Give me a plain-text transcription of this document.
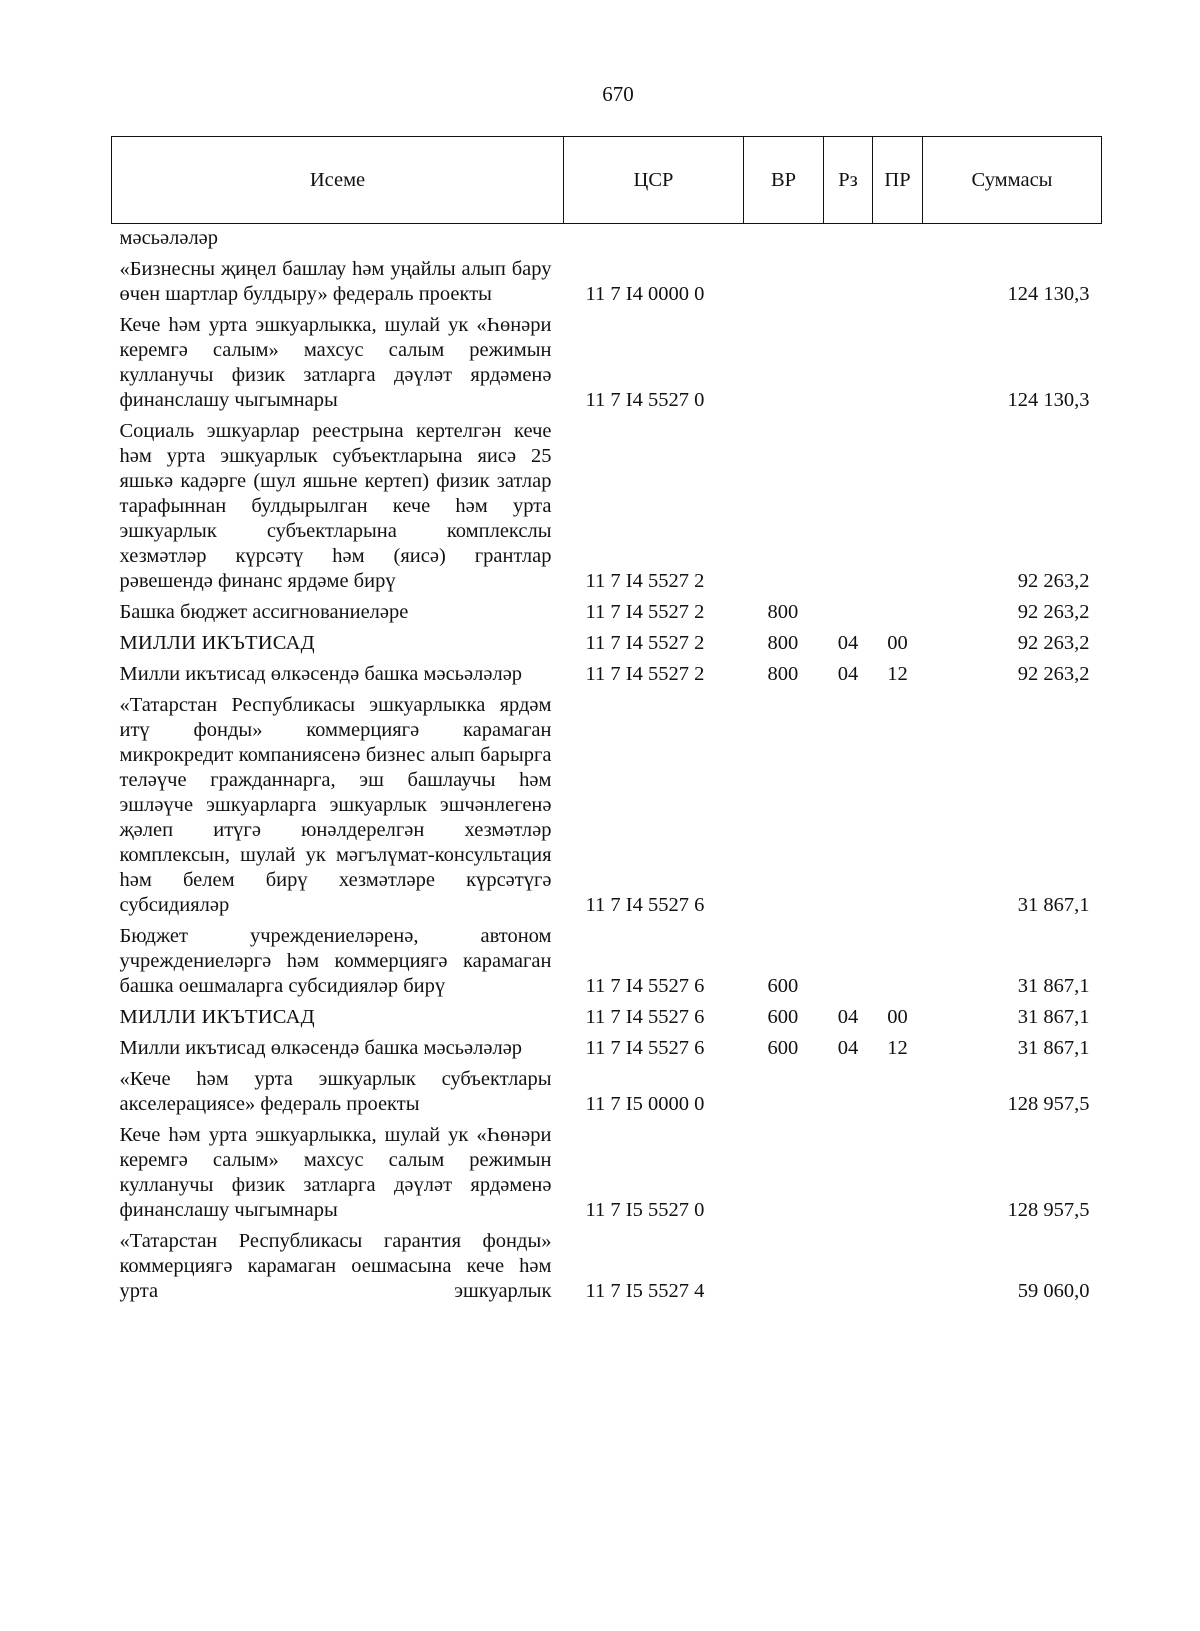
670
Исеме	ЦСР	ВР	Рз	ПР	Суммасы
мәсьәләләр					
«Бизнесны җиңел башлау һәм уңайлы алып бару өчен шартлар булдыру» федераль проекты	11 7 I4 0000 0				124 130,3
Кече һәм урта эшкуарлыкка, шулай ук «Һөнәри керемгә салым» махсус салым режимын кулланучы физик затларга дәүләт ярдәменә финанслашу чыгымнары	11 7 I4 5527 0				124 130,3
Социаль эшкуарлар реестрына кертелгән кече һәм урта эшкуарлык субъектларына яисә 25 яшькә кадәрге (шул яшьне кертеп) физик затлар тарафыннан булдырылган кече һәм урта эшкуарлык субъектларына комплекслы хезмәтләр күрсәтү һәм (яисә) грантлар рәвешендә финанс ярдәме бирү	11 7 I4 5527 2				92 263,2
Башка бюджет ассигнованиеләре	11 7 I4 5527 2	800			92 263,2
МИЛЛИ ИКЪТИСАД	11 7 I4 5527 2	800	04	00	92 263,2
Милли икътисад өлкәсендә башка мәсьәләләр	11 7 I4 5527 2	800	04	12	92 263,2
«Татарстан Республикасы эшкуарлыкка ярдәм итү фонды» коммерциягә карамаган микрокредит компаниясенә бизнес алып барырга теләүче гражданнарга, эш башлаучы һәм эшләүче эшкуарларга эшкуарлык эшчәнлегенә җәлеп итүгә юнәлдерелгән хезмәтләр комплексын, шулай ук мәгълүмат-консультация һәм белем бирү хезмәтләре күрсәтүгә субсидияләр	11 7 I4 5527 6				31 867,1
Бюджет учреждениеләренә, автоном учреждениеләргә һәм коммерциягә карамаган башка оешмаларга субсидияләр бирү	11 7 I4 5527 6	600			31 867,1
МИЛЛИ ИКЪТИСАД	11 7 I4 5527 6	600	04	00	31 867,1
Милли икътисад өлкәсендә башка мәсьәләләр	11 7 I4 5527 6	600	04	12	31 867,1
«Кече һәм урта эшкуарлык субъектлары акселерациясе» федераль проекты	11 7 I5 0000 0				128 957,5
Кече һәм урта эшкуарлыкка, шулай ук «Һөнәри керемгә салым» махсус салым режимын кулланучы физик затларга дәүләт ярдәменә финанслашу чыгымнары	11 7 I5 5527 0				128 957,5
«Татарстан Республикасы гарантия фонды» коммерциягә карамаган оешмасына кече һәм урта эшкуарлык	11 7 I5 5527 4				59 060,0
